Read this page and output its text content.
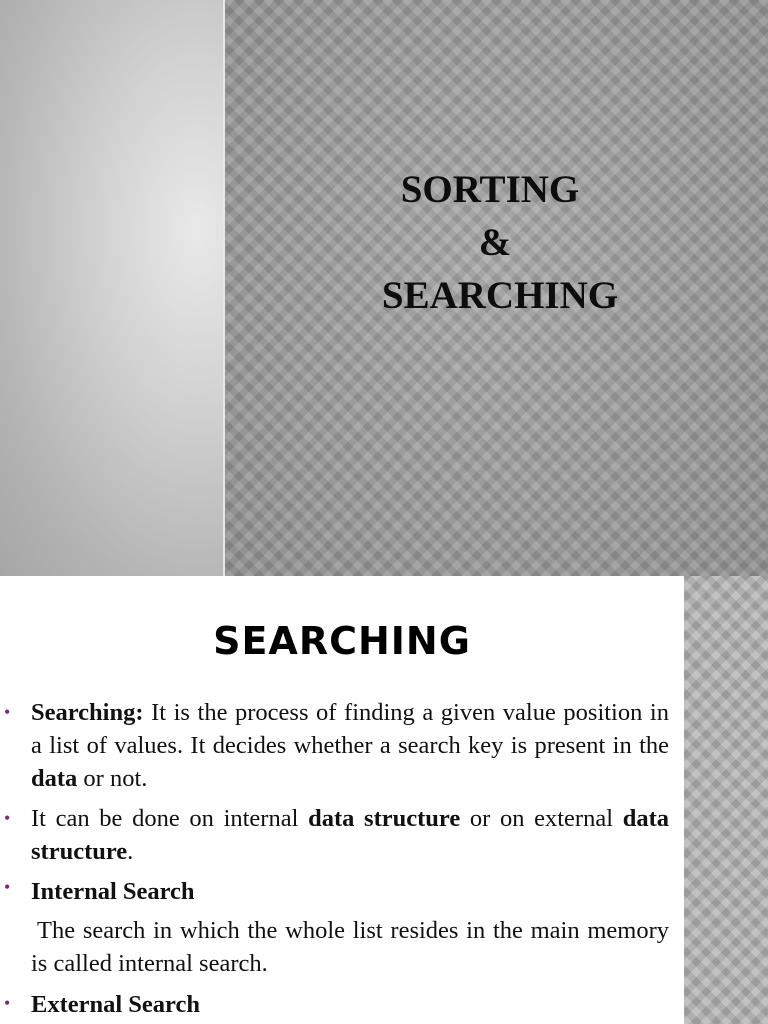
SORTING
&
SEARCHING
SEARCHING
• Searching: It is the process of finding a given value position in a list of values. It decides whether a search key is present in the data or not.
• It can be done on internal data structure or on external data structure.
• Internal Search
The search in which the whole list resides in the main memory is called internal search.
• External Search
